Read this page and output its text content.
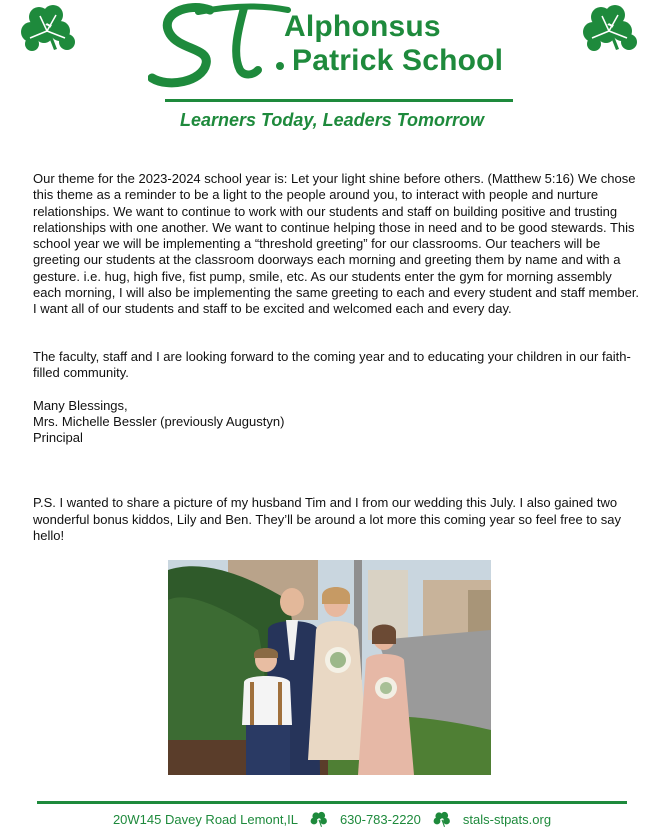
Alphonsus
Patrick School
Learners Today, Leaders Tomorrow

Our theme for the 2023-2024 school year is: Let your light shine before others. (Matthew 5:16) We chose this theme as a reminder to be a light to the people around you, to interact with people and nurture relationships. We want to continue to work with our students and staff on building positive and trusting relationships with one another. We want to continue helping those in need and to be good stewards. This school year we will be implementing a “threshold greeting” for our classrooms. Our teachers will be greeting our students at the classroom doorways each morning and greeting them by name and with a gesture. i.e. hug, high five, fist pump, smile, etc. As our students enter the gym for morning assembly each morning, I will also be implementing the same greeting to each and every student and staff member. I want all of our students and staff to be excited and welcomed each and every day.

The faculty, staff and I are looking forward to the coming year and to educating your children in our faith-filled community.

Many Blessings,

Mrs. Michelle Bessler (previously Augustyn)

Principal

P.S. I wanted to share a picture of my husband Tim and I from our wedding this July. I also gained two wonderful bonus kiddos, Lily and Ben. They’ll be around a lot more this coming year so feel free to say hello!

20W145 Davey Road Lemont,IL	630-783-2220	stals-stpats.org
